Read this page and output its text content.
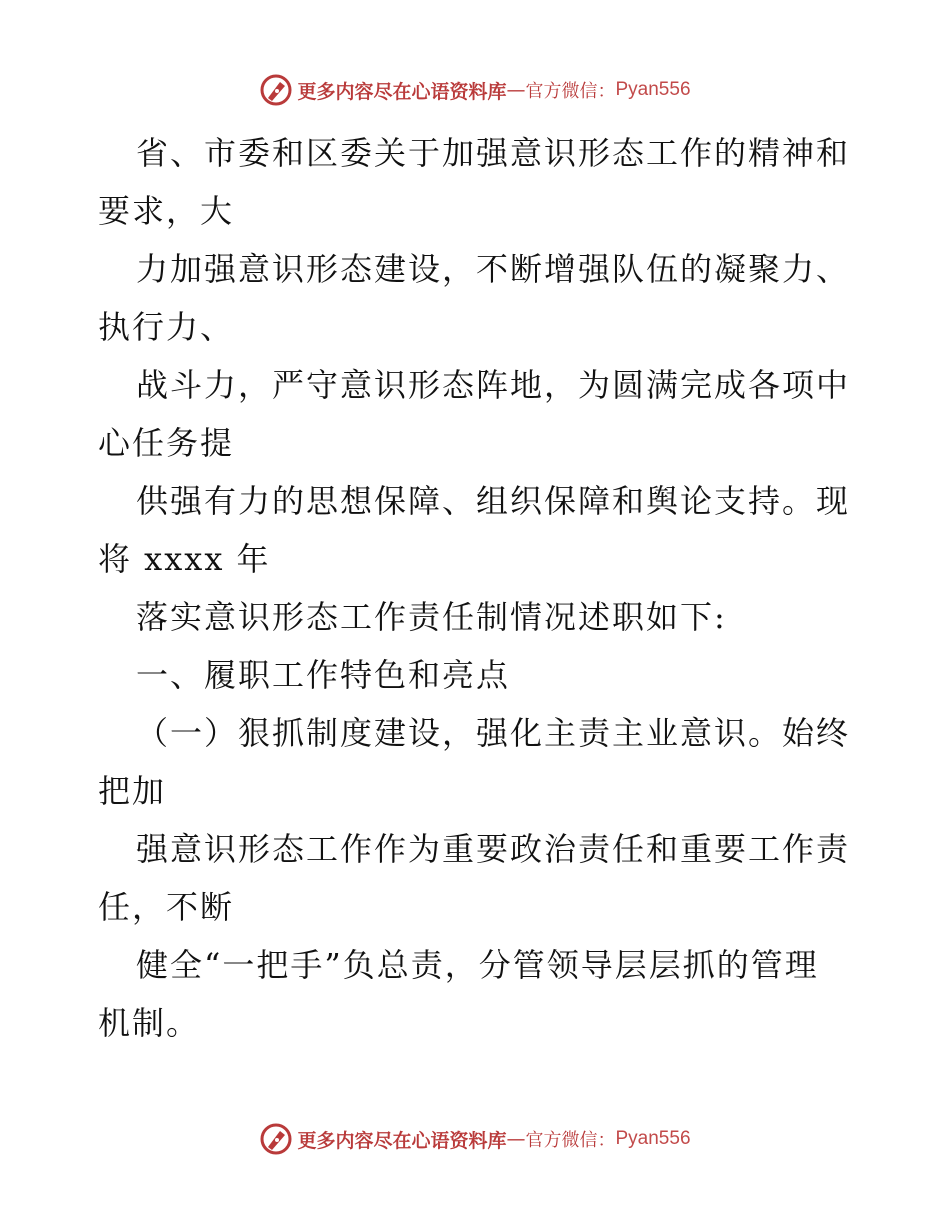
更多内容尽在心语资料库 — 官方微信： Pyan556
省、市委和区委关于加强意识形态工作的精神和
要求，大
力加强意识形态建设，不断增强队伍的凝聚力、
执行力、
战斗力，严守意识形态阵地，为圆满完成各项中
心任务提
供强有力的思想保障、组织保障和舆论支持。现
将 xxxx 年
落实意识形态工作责任制情况述职如下:
一、履职工作特色和亮点
（一）狠抓制度建设，强化主责主业意识。始终
把加
强意识形态工作作为重要政治责任和重要工作责
任，不断
健全“一把手”负总责，分管领导层层抓的管理
机制。
更多内容尽在心语资料库 — 官方微信： Pyan556
